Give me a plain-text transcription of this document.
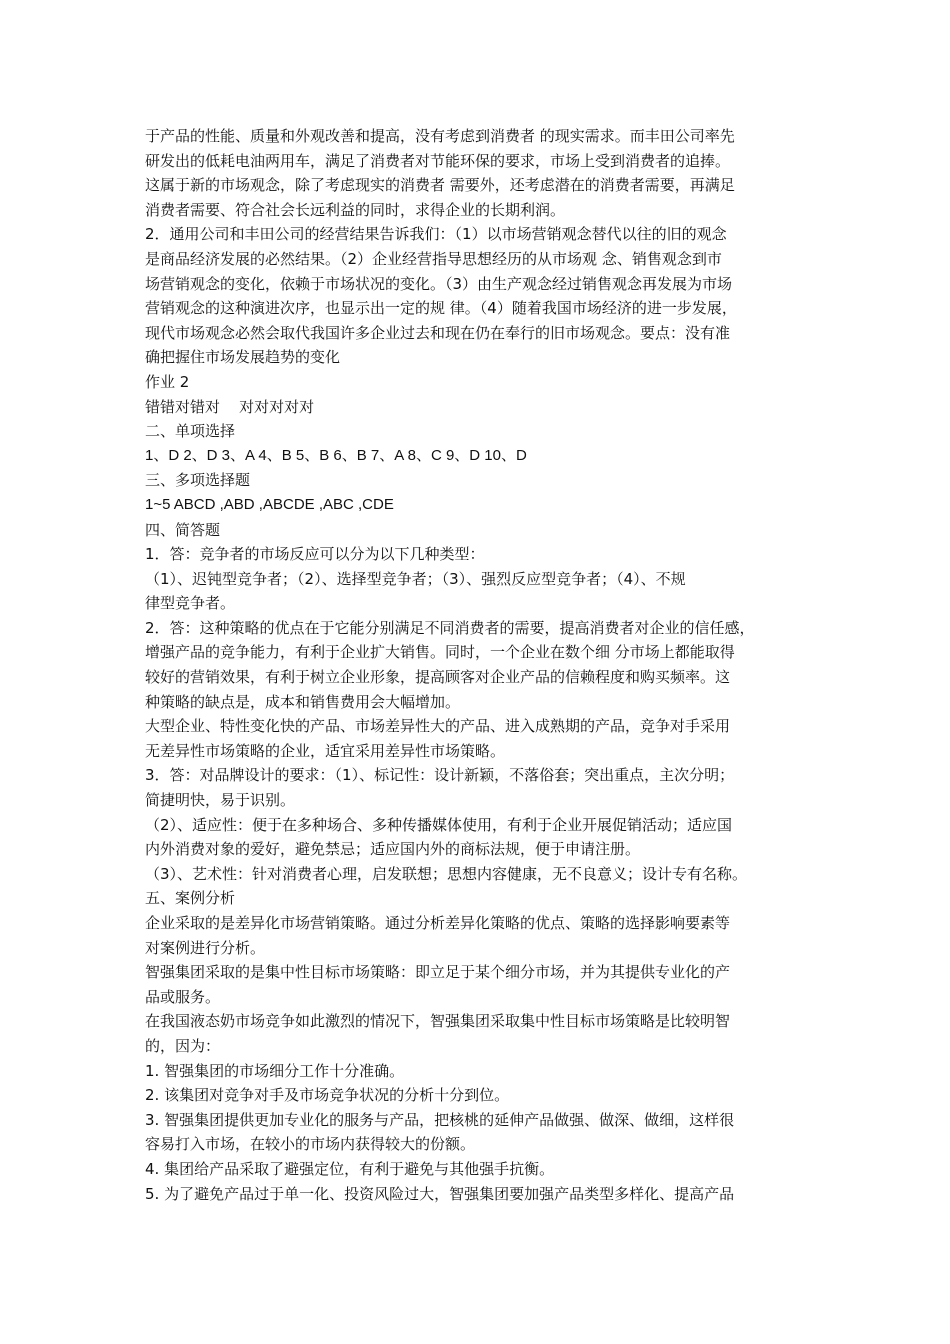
于产品的性能、质量和外观改善和提高，没有考虑到消费者 的现实需求。而丰田公司率先

研发出的低耗电油两用车，满足了消费者对节能环保的要求，市场上受到消费者的追捧。

这属于新的市场观念，除了考虑现实的消费者 需要外，还考虑潜在的消费者需要，再满足

消费者需要、符合社会长远利益的同时，求得企业的长期利润。

2．通用公司和丰田公司的经营结果告诉我们：（1）以市场营销观念替代以往的旧的观念

是商品经济发展的必然结果。（2）企业经营指导思想经历的从市场观 念、销售观念到市

场营销观念的变化，依赖于市场状况的变化。（3）由生产观念经过销售观念再发展为市场

营销观念的这种演进次序，也显示出一定的规 律。（4）随着我国市场经济的进一步发展，

现代市场观念必然会取代我国许多企业过去和现在仍在奉行的旧市场观念。要点：没有准

确把握住市场发展趋势的变化

作业 2

错错对错对    对对对对对

二、单项选择

1、D 2、D 3、A 4、B 5、B 6、B 7、A 8、C 9、D 10、D

三、多项选择题

1~5 ABCD ,ABD ,ABCDE ,ABC ,CDE

四、简答题

1．答：竞争者的市场反应可以分为以下几种类型：

（1）、迟钝型竞争者；（2）、选择型竞争者；（3）、强烈反应型竞争者；（4）、不规

律型竞争者。

2．答：这种策略的优点在于它能分别满足不同消费者的需要，提高消费者对企业的信任感，

增强产品的竞争能力，有利于企业扩大销售。同时，一个企业在数个细 分市场上都能取得

较好的营销效果，有利于树立企业形象，提高顾客对企业产品的信赖程度和购买频率。这

种策略的缺点是，成本和销售费用会大幅增加。

大型企业、特性变化快的产品、市场差异性大的产品、进入成熟期的产品，竞争对手采用

无差异性市场策略的企业，适宜采用差异性市场策略。

3．答：对品牌设计的要求：（1）、标记性：设计新颖，不落俗套；突出重点，主次分明；

简捷明快，易于识别。

（2）、适应性：便于在多种场合、多种传播媒体使用，有利于企业开展促销活动；适应国

内外消费对象的爱好，避免禁忌；适应国内外的商标法规，便于申请注册。

（3）、艺术性：针对消费者心理，启发联想；思想内容健康，无不良意义；设计专有名称。

五、案例分析

企业采取的是差异化市场营销策略。通过分析差异化策略的优点、策略的选择影响要素等

对案例进行分析。

智强集团采取的是集中性目标市场策略：即立足于某个细分市场，并为其提供专业化的产

品或服务。

在我国液态奶市场竞争如此激烈的情况下，智强集团采取集中性目标市场策略是比较明智

的，因为：

1. 智强集团的市场细分工作十分准确。

2. 该集团对竞争对手及市场竞争状况的分析十分到位。

3. 智强集团提供更加专业化的服务与产品，把核桃的延伸产品做强、做深、做细，这样很

容易打入市场，在较小的市场内获得较大的份额。

4. 集团给产品采取了避强定位，有利于避免与其他强手抗衡。

5. 为了避免产品过于单一化、投资风险过大，智强集团要加强产品类型多样化、提高产品
